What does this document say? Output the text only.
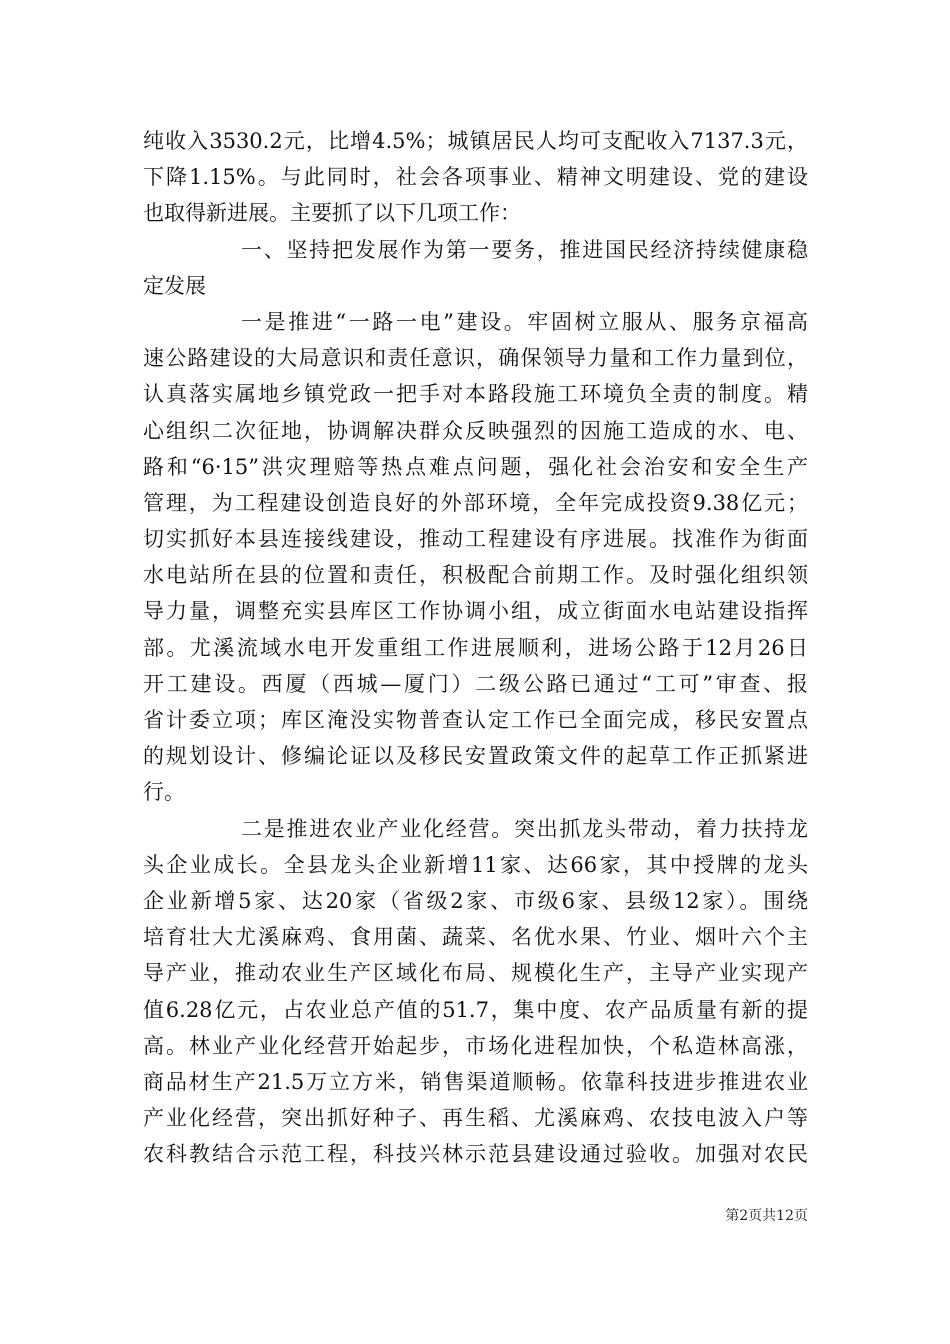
纯收入3530.2元，比增4.5%；城镇居民人均可支配收入7137.3元，
下降1.15%。与此同时，社会各项事业、精神文明建设、党的建设
也取得新进展。主要抓了以下几项工作：
一、坚持把发展作为第一要务，推进国民经济持续健康稳
定发展
一是推进“一路一电”建设。牢固树立服从、服务京福高
速公路建设的大局意识和责任意识，确保领导力量和工作力量到位，
认真落实属地乡镇党政一把手对本路段施工环境负全责的制度。精
心组织二次征地，协调解决群众反映强烈的因施工造成的水、电、
路和“6·15”洪灾理赔等热点难点问题，强化社会治安和安全生产
管理，为工程建设创造良好的外部环境，全年完成投资9.38亿元；
切实抓好本县连接线建设，推动工程建设有序进展。找准作为街面
水电站所在县的位置和责任，积极配合前期工作。及时强化组织领
导力量，调整充实县库区工作协调小组，成立街面水电站建设指挥
部。尤溪流域水电开发重组工作进展顺利，进场公路于12月26日
开工建设。西厦（西城—厦门）二级公路已通过“工可”审查、报
省计委立项；库区淹没实物普查认定工作已全面完成，移民安置点
的规划设计、修编论证以及移民安置政策文件的起草工作正抓紧进
行。
二是推进农业产业化经营。突出抓龙头带动，着力扶持龙
头企业成长。全县龙头企业新增11家、达66家，其中授牌的龙头
企业新增5家、达20家（省级2家、市级6家、县级12家）。围绕
培育壮大尤溪麻鸡、食用菌、蔬菜、名优水果、竹业、烟叶六个主
导产业，推动农业生产区域化布局、规模化生产，主导产业实现产
值6.28亿元，占农业总产值的51.7，集中度、农产品质量有新的提
高。林业产业化经营开始起步，市场化进程加快，个私造林高涨，
商品材生产21.5万立方米，销售渠道顺畅。依靠科技进步推进农业
产业化经营，突出抓好种子、再生稻、尤溪麻鸡、农技电波入户等
农科教结合示范工程，科技兴林示范县建设通过验收。加强对农民
第2页共12页
